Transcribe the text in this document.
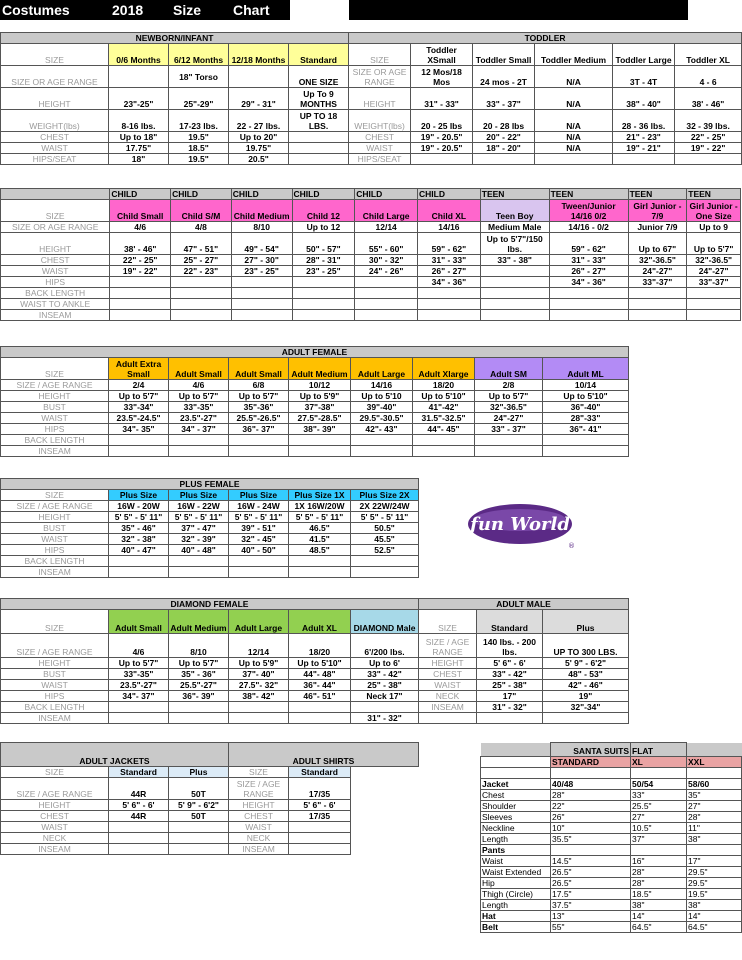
Costumes	2018 Size Chart
NEWBORN/INFANT					TODDLER					
SIZE	0/6 Months	6/12 Months	12/18 Months	Standard	SIZE	Toddler XSmall	Toddler Small	Toddler Medium	Toddler Large	Toddler XL
SIZE OR AGE RANGE		18" Torso		ONE SIZE	SIZE OR AGE RANGE	12 Mos/18 Mos	24 mos - 2T	N/A	3T - 4T	4 - 6
HEIGHT	23"-25"	25"-29"	29" - 31"	Up To 9 MONTHS	HEIGHT	31" - 33"	33" - 37"	N/A	38" - 40"	38' - 46"
WEIGHT(lbs)	8-16 lbs.	17-23 lbs.	22 - 27 lbs.	UP TO 18 LBS.	WEIGHT(lbs)	20 - 25 lbs	20 - 28 lbs	N/A	28 - 36 lbs.	32 - 39 lbs.
CHEST	Up to 18"	19.5"	Up to 20"		CHEST	19" - 20.5"	20" - 22"	N/A	21" - 23"	22" - 25"
WAIST	17.75"	18.5"	19.75"		WAIST	19" - 20.5"	18" - 20"	N/A	19" - 21"	19" - 22"
HIPS/SEAT	18"	19.5"	20.5"		HIPS/SEAT					
	CHILD	CHILD	CHILD	CHILD	CHILD	CHILD	TEEN	TEEN	TEEN	TEEN
SIZE	Child Small	Child S/M	Child Medium	Child 12	Child Large	Child XL	Teen Boy	Tween/Junior 14/16 0/2	Girl Junior - 7/9	Girl Junior - One Size
SIZE OR AGE RANGE	4/6	4/8	8/10	Up to 12	12/14	14/16	Medium Male	14/16 - 0/2	Junior 7/9	Up to 9
HEIGHT	38' - 46"	47" - 51"	49" - 54"	50" - 57"	55" - 60"	59" - 62"	Up to 5'7"/150 lbs.	59" - 62"	Up to 67"	Up to 5'7"
CHEST	22" - 25"	25" - 27"	27" - 30"	28" - 31"	30" - 32"	31" - 33"	33" - 38"	31" - 33"	32"-36.5"	32"-36.5"
WAIST	19" - 22"	22" - 23"	23" - 25"	23" - 25"	24" - 26"	26" - 27"		26" - 27"	24"-27"	24"-27"
HIPS						34" - 36"		34" - 36"	33"-37"	33"-37"
BACK LENGTH										
WAIST TO ANKLE										
INSEAM										
ADULT FEMALE								
SIZE	Adult Extra Small	Adult Small	Adult Small	Adult Medium	Adult Large	Adult Xlarge	Adult SM	Adult ML
SIZE / AGE RANGE	2/4	4/6	6/8	10/12	14/16	18/20	2/8	10/14
HEIGHT	Up to 5'7"	Up to 5'7"	Up to 5'7"	Up to 5'9"	Up to 5'10	Up to 5'10"	Up to 5'7"	Up to 5'10"
BUST	33"-34"	33"-35"	35"-36"	37"-38"	39"-40"	41"-42"	32"-36.5"	36"-40"
WAIST	23.5"-24.5"	23.5"-27"	25.5"-26.5"	27.5"-28.5"	29.5"-30.5"	31.5"-32.5"	24"-27"	28"-33"
HIPS	34"- 35"	34" - 37"	36"- 37"	38"- 39"	42"- 43"	44"- 45"	33" - 37"	36"- 41"
BACK LENGTH								
INSEAM								
PLUS FEMALE					
SIZE	Plus Size	Plus Size	Plus Size	Plus Size 1X	Plus Size 2X
SIZE / AGE RANGE	16W - 20W	16W - 22W	16W - 24W	1X 16W/20W	2X 22W/24W
HEIGHT	5' 5" - 5' 11"	5' 5" - 5' 11"	5' 5" - 5' 11"	5' 5" - 5' 11"	5' 5" - 5' 11"
BUST	35" - 46"	37" - 47"	39" - 51"	46.5"	50.5"
WAIST	32" - 38"	32" - 39"	32" - 45"	41.5"	45.5"
HIPS	40" - 47"	40" - 48"	40" - 50"	48.5"	52.5"
BACK LENGTH					
INSEAM					
fun World
®
DIAMOND FEMALE						ADULT MALE		
SIZE	Adult Small	Adult Medium	Adult Large	Adult XL	DIAMOND Male	SIZE	Standard	Plus
SIZE / AGE RANGE	4/6	8/10	12/14	18/20	6'/200 lbs.	SIZE / AGE RANGE	140 lbs. - 200 lbs.	UP TO 300 LBS.
HEIGHT	Up to 5'7"	Up to 5'7"	Up to 5'9"	Up to 5'10"	Up to 6'	HEIGHT	5' 6" - 6'	5' 9" - 6'2"
BUST	33"-35"	35" - 36"	37"- 40"	44"- 48"	33" - 42"	CHEST	33" - 42"	48" - 53"
WAIST	23.5"-27"	25.5"-27"	27.5"- 32"	36"- 44"	25" - 38"	WAIST	25" - 38"	42" - 46"
HIPS	34"- 37"	36"- 39"	38"- 42"	46"- 51"	Neck 17"	NECK	17"	19"
BACK LENGTH						INSEAM	31" - 32"	32"-34"
INSEAM					31" - 32"			
ADULT JACKETS			ADULT SHIRTS	
SIZE	Standard	Plus	SIZE	Standard
SIZE / AGE RANGE	44R	50T	SIZE / AGE RANGE	17/35
HEIGHT	5' 6" - 6'	5' 9" - 6'2"	HEIGHT	5' 6" - 6'
CHEST	44R	50T	CHEST	17/35
WAIST			WAIST	
NECK			NECK	
INSEAM			INSEAM	
	SANTA SUITS	FLAT	
	STANDARD	XL	XXL

Jacket	40/48	50/54	58/60
Chest	28"	33"	35"
Shoulder	22"	25.5"	27"
Sleeves	26"	27"	28"
Neckline	10"	10.5"	11"
Length	35.5"	37"	38"
Pants			
Waist	14.5"	16"	17"
Waist Extended	26.5"	28"	29.5"
Hip	26.5"	28"	29.5"
Thigh (Circle)	17.5"	18.5"	19.5"
Length	37.5"	38"	38"
Hat	13"	14"	14"
Belt	55"	64.5"	64.5"
